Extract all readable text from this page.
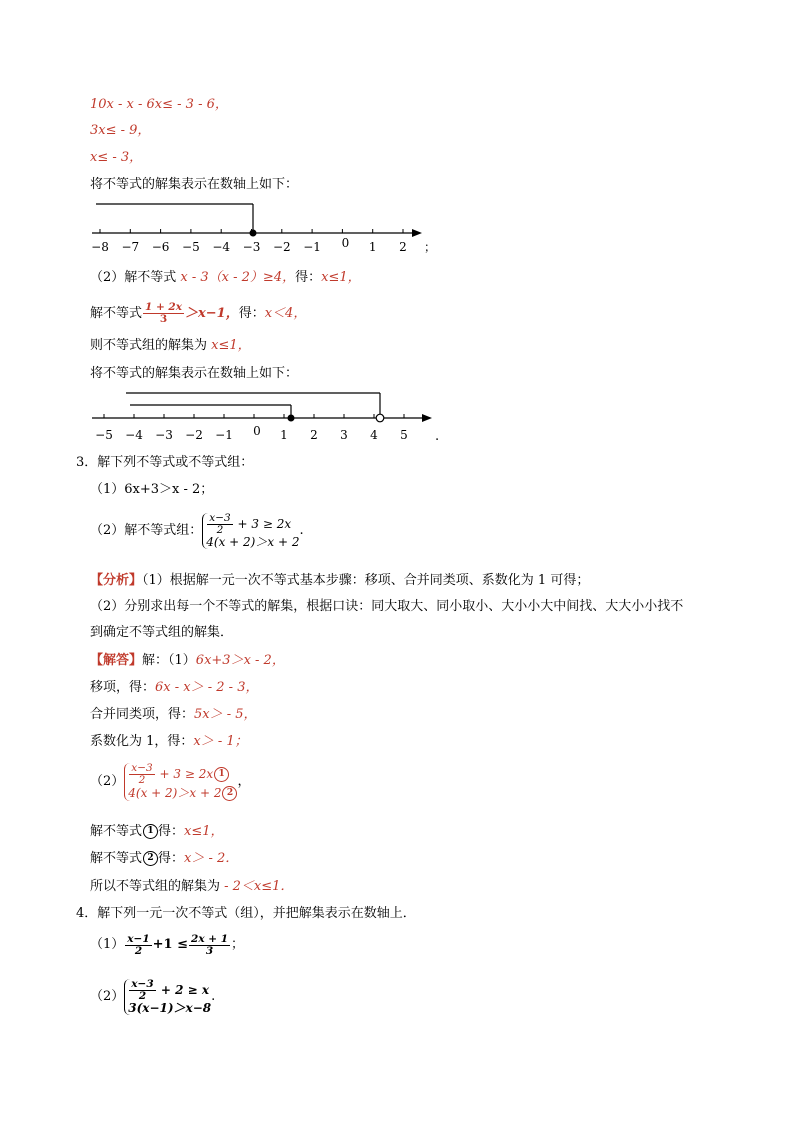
10x - x - 6x≤ - 3 - 6，
3x≤ - 9，
x≤ - 3，
将不等式的解集表示在数轴上如下：
−8 −7 −6 −5 −4 −3 −2 −1 0 1 2 ；
（2）解不等式 x - 3（x - 2）≥4，得：x≤1，
解不等式 $\frac{1 + 2x}{3} >x-1$，得：x＜4，
则不等式组的解集为 x≤1，
将不等式的解集表示在数轴上如下：
−5 −4 −3 −2 −1 0 1 2 3 4 5 .
3．解下列不等式或不等式组：
（1）6x+3＞x - 2；
（2）解不等式组： $\frac{x-3}{2} + 3 \ge 2x$
4(x + 2)＞x + 2
.
【分析】（1）根据解一元一次不等式基本步骤：移项、合并同类项、系数化为 1 可得；
（2）分别求出每一个不等式的解集，根据口诀：同大取大、同小取小、大小小大中间找、大大小小找不
到确定不等式组的解集．
【解答】解：（1）6x+3＞x - 2，
移项，得：6x - x＞ - 2 - 3，
合并同类项，得：5x＞ - 5，
系数化为 1，得：x＞ - 1；
$(2) \frac{x-3}{2} + 3 \ge 2x$ 1
4(x + 2)＞x + 2 2
，
解不等式 1 得：x≤1，
解不等式 2 得：x＞ - 2．
所以不等式组的解集为 - 2＜x≤1．
4．解下列一元一次不等式（组），并把解集表示在数轴上．
$(1) \frac{x-1}{2} +1 \le \frac{2x + 1}{3}$ ；
$(2) \frac{x-3}{2} + 2 \ge x$
3(x−1)＞x−8
.
